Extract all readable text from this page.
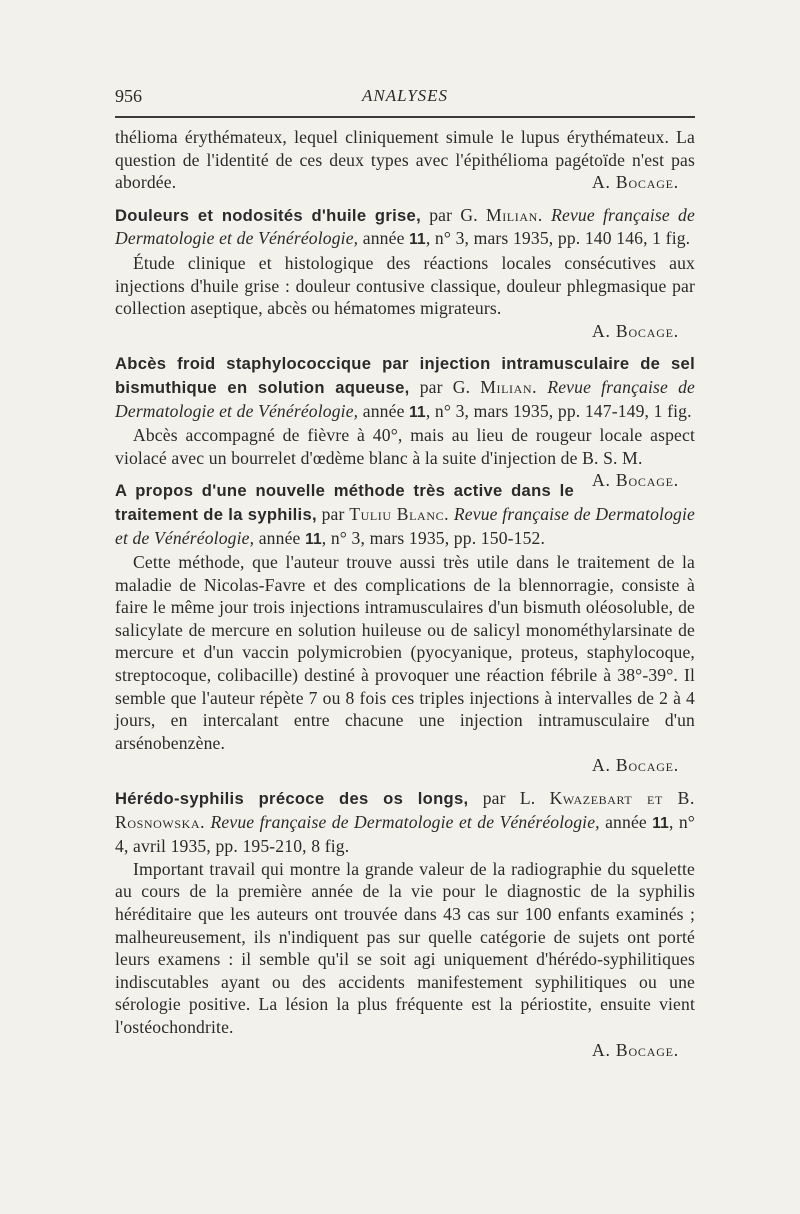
956	ANALYSES

thélioma érythémateux, lequel cliniquement simule le lupus érythémateux. La question de l'identité de ces deux types avec l'épithélioma pagétoïde n'est pas abordée.	A. Bocage.

Douleurs et nodosités d'huile grise, par G. Milian. Revue française de Dermatologie et de Vénéréologie, année 11, n° 3, mars 1935, pp. 140 146, 1 fig.

Étude clinique et histologique des réactions locales consécutives aux injections d'huile grise : douleur contusive classique, douleur phlegmasique par collection aseptique, abcès ou hématomes migrateurs.

A. Bocage.

Abcès froid staphylococcique par injection intramusculaire de sel bismuthique en solution aqueuse, par G. Milian. Revue française de Dermatologie et de Vénéréologie, année 11, n° 3, mars 1935, pp. 147-149, 1 fig.

Abcès accompagné de fièvre à 40°, mais au lieu de rougeur locale aspect violacé avec un bourrelet d'œdème blanc à la suite d'injection de B. S. M.
A. Bocage.

A propos d'une nouvelle méthode très active dans le traitement de la syphilis, par Tuliu Blanc. Revue française de Dermatologie et de Vénéréologie, année 11, n° 3, mars 1935, pp. 150-152.

Cette méthode, que l'auteur trouve aussi très utile dans le traitement de la maladie de Nicolas-Favre et des complications de la blennorragie, consiste à faire le même jour trois injections intramusculaires d'un bismuth oléosoluble, de salicylate de mercure en solution huileuse ou de salicyl monométhylarsinate de mercure et d'un vaccin polymicrobien (pyocyanique, proteus, staphylocoque, streptocoque, colibacille) destiné à provoquer une réaction fébrile à 38°-39°. Il semble que l'auteur répète 7 ou 8 fois ces triples injections à intervalles de 2 à 4 jours, en intercalant entre chacune une injection intramusculaire d'un arsénobenzène.

A. Bocage.

Hérédo-syphilis précoce des os longs, par L. Kwazebart et B. Rosnowska. Revue française de Dermatologie et de Vénéréologie, année 11, n° 4, avril 1935, pp. 195-210, 8 fig.

Important travail qui montre la grande valeur de la radiographie du squelette au cours de la première année de la vie pour le diagnostic de la syphilis héréditaire que les auteurs ont trouvée dans 43 cas sur 100 enfants examinés ; malheureusement, ils n'indiquent pas sur quelle catégorie de sujets ont porté leurs examens : il semble qu'il se soit agi uniquement d'hérédo-syphilitiques indiscutables ayant ou des accidents manifestement syphilitiques ou une sérologie positive. La lésion la plus fréquente est la périostite, ensuite vient l'ostéochondrite.

A. Bocage.
